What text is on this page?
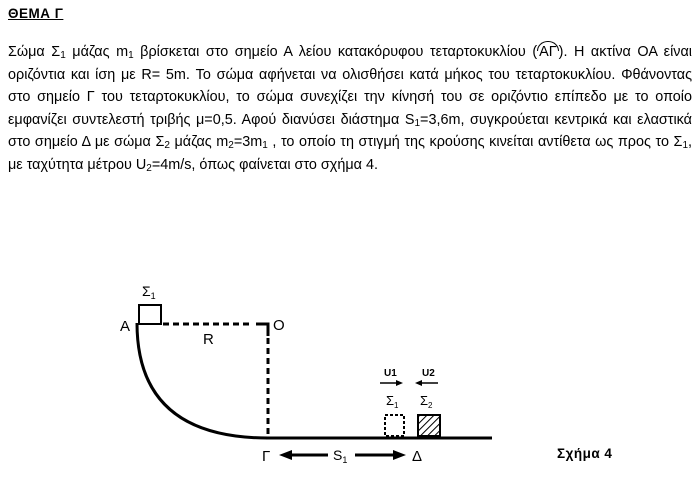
ΘΕΜΑ Γ

Σώμα $\Sigma_1$ μάζας $m_1$ βρίσκεται στο σημείο Α λείου κατακόρυφου τεταρτοκυκλίου ( ΑΓ ). Η ακτίνα ΟΑ είναι οριζόντια και ίση με R= 5m. Το σώμα αφήνεται να ολισθήσει κατά μήκος του τεταρτοκυκλίου. Φθάνοντας στο σημείο Γ του τεταρτοκυκλίου, το σώμα συνεχίζει την κίνησή του σε οριζόντιο επίπεδο με το οποίο εμφανίζει συντελεστή τριβής μ=0,5. Αφού διανύσει διάστημα $S_1=3,6m$, συγκρούεται κεντρικά και ελαστικά στο σημείο Δ με σώμα $\Sigma_2$ μάζας $m_2=3m_1$ , το οποίο τη στιγμή της κρούσης κινείται αντίθετα ως προς το $\Sigma_1$, με ταχύτητα μέτρου $U_2=4m/s$, όπως φαίνεται στο σχήμα 4.

$\Sigma_1$
Α
R
O
U1	U2
$\Sigma_1$ $\Sigma_2$
Γ	$S_1$	Δ	Σχήμα 4
